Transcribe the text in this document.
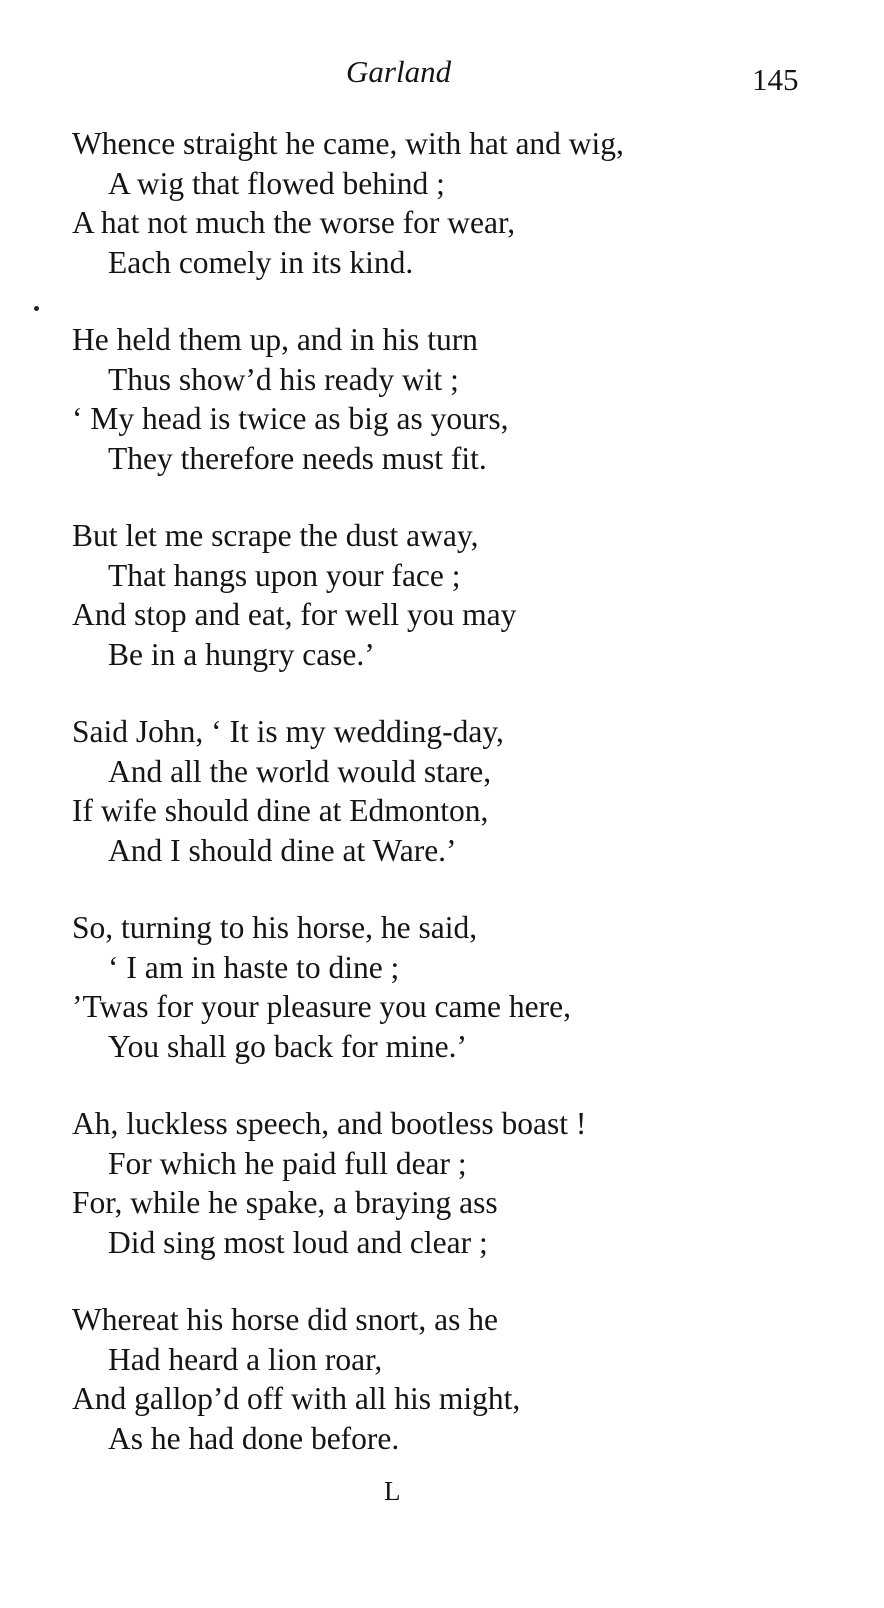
Garland	145
Whence straight he came, with hat and wig,
A wig that flowed behind ;
A hat not much the worse for wear,
Each comely in its kind.
He held them up, and in his turn
Thus show’d his ready wit ;
‘ My head is twice as big as yours,
They therefore needs must fit.
But let me scrape the dust away,
That hangs upon your face ;
And stop and eat, for well you may
Be in a hungry case.’
Said John, ‘ It is my wedding-day,
And all the world would stare,
If wife should dine at Edmonton,
And I should dine at Ware.’
So, turning to his horse, he said,
‘ I am in haste to dine ;
’Twas for your pleasure you came here,
You shall go back for mine.’
Ah, luckless speech, and bootless boast !
For which he paid full dear ;
For, while he spake, a braying ass
Did sing most loud and clear ;
Whereat his horse did snort, as he
Had heard a lion roar,
And gallop’d off with all his might,
As he had done before.
L
